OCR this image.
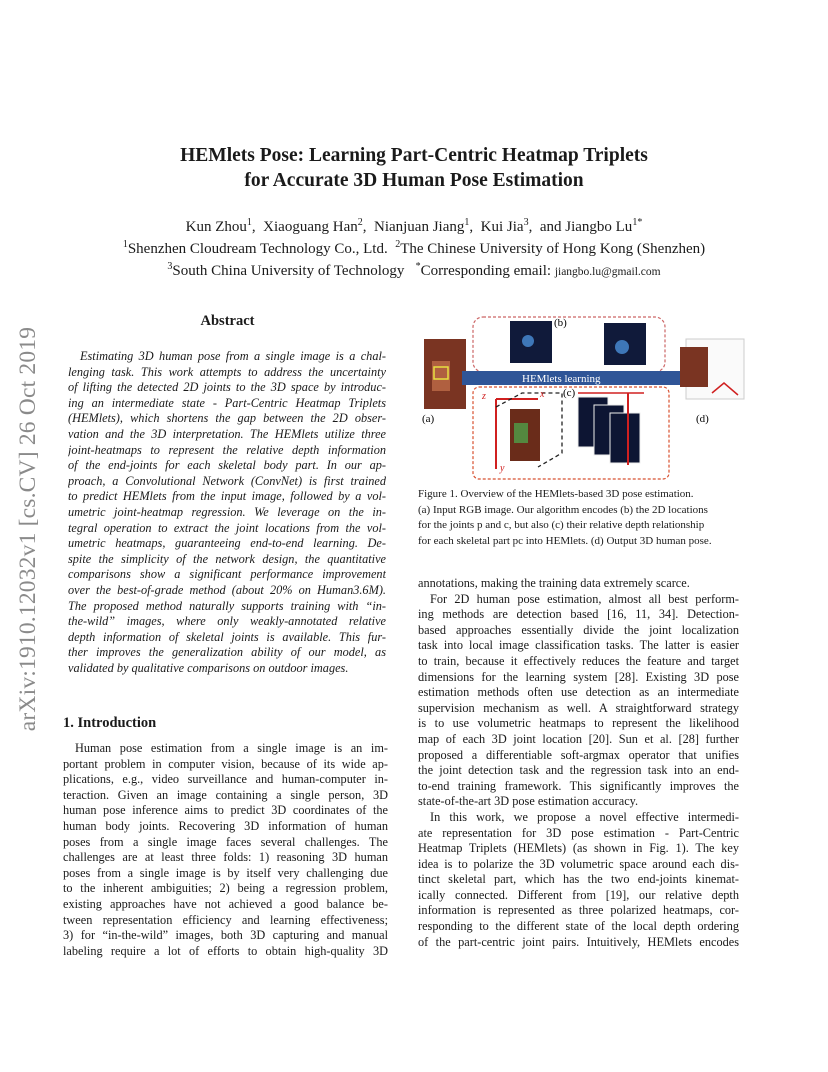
arXiv:1910.12032v1 [cs.CV] 26 Oct 2019
HEMlets Pose: Learning Part-Centric Heatmap Triplets
for Accurate 3D Human Pose Estimation
Kun Zhou$^1$,  Xiaoguang Han$^2$,  Nianjuan Jiang$^1$,  Kui Jia$^3$,  and Jiangbo $Lu^{1*}$
$^1$Shenzhen Cloudream Technology Co., Ltd. $^2$The Chinese University of Hong Kong (Shenzhen)
$^3$South China University of Technology *Corresponding email: jiangbo.lu@gmail.com
Abstract
Estimating 3D human pose from a single image is a chal-
lenging task. This work attempts to address the uncertainty
of lifting the detected 2D joints to the 3D space by introduc-
ing an intermediate state - Part-Centric Heatmap Triplets
(HEMlets), which shortens the gap between the 2D obser-
vation and the 3D interpretation. The HEMlets utilize three
joint-heatmaps to represent the relative depth information
of the end-joints for each skeletal body part. In our ap-
proach, a Convolutional Network (ConvNet) is first trained
to predict HEMlets from the input image, followed by a vol-
umetric joint-heatmap regression. We leverage on the in-
tegral operation to extract the joint locations from the vol-
umetric heatmaps, guaranteeing end-to-end learning. De-
spite the simplicity of the network design, the quantitative
comparisons show a significant performance improvement
over the best-of-grade method (about 20% on Human3.6M).
The proposed method naturally supports training with “in-
the-wild” images, where only weakly-annotated relative
depth information of skeletal joints is available. This fur-
ther improves the generalization ability of our model, as
validated by qualitative comparisons on outdoor images.
1. Introduction
Human pose estimation from a single image is an im-
portant problem in computer vision, because of its wide ap-
plications, e.g., video surveillance and human-computer in-
teraction. Given an image containing a single person, 3D
human pose inference aims to predict 3D coordinates of the
human body joints. Recovering 3D information of human
poses from a single image faces several challenges. The
challenges are at least three folds: 1) reasoning 3D human
poses from a single image is by itself very challenging due
to the inherent ambiguities; 2) being a regression problem,
existing approaches have not achieved a good balance be-
tween representation efficiency and learning effectiveness;
3) for “in-the-wild” images, both 3D capturing and manual
labeling require a lot of efforts to obtain high-quality 3D
(b)
HEMlets learning
(c)
(a)	(d)
z	x
y
Figure 1. Overview of the HEMlets-based 3D pose estimation.
(a) Input RGB image. Our algorithm encodes (b) the 2D locations
for the joints p and c, but also (c) their relative depth relationship
for each skeletal part pc into HEMlets. (d) Output 3D human pose.
annotations, making the training data extremely scarce.
For 2D human pose estimation, almost all best perform-
ing methods are detection based [16, 11, 34]. Detection-
based approaches essentially divide the joint localization
task into local image classification tasks. The latter is easier
to train, because it effectively reduces the feature and target
dimensions for the learning system [28]. Existing 3D pose
estimation methods often use detection as an intermediate
supervision mechanism as well. A straightforward strategy
is to use volumetric heatmaps to represent the likelihood
map of each 3D joint location [20]. Sun et al. [28] further
proposed a differentiable soft-argmax operator that unifies
the joint detection task and the regression task into an end-
to-end training framework. This significantly improves the
state-of-the-art 3D pose estimation accuracy.
In this work, we propose a novel effective intermedi-
ate representation for 3D pose estimation - Part-Centric
Heatmap Triplets (HEMlets) (as shown in Fig. 1). The key
idea is to polarize the 3D volumetric space around each dis-
tinct skeletal part, which has the two end-joints kinemat-
ically connected. Different from [19], our relative depth
information is represented as three polarized heatmaps, cor-
responding to the different state of the local depth ordering
of the part-centric joint pairs. Intuitively, HEMlets encodes
